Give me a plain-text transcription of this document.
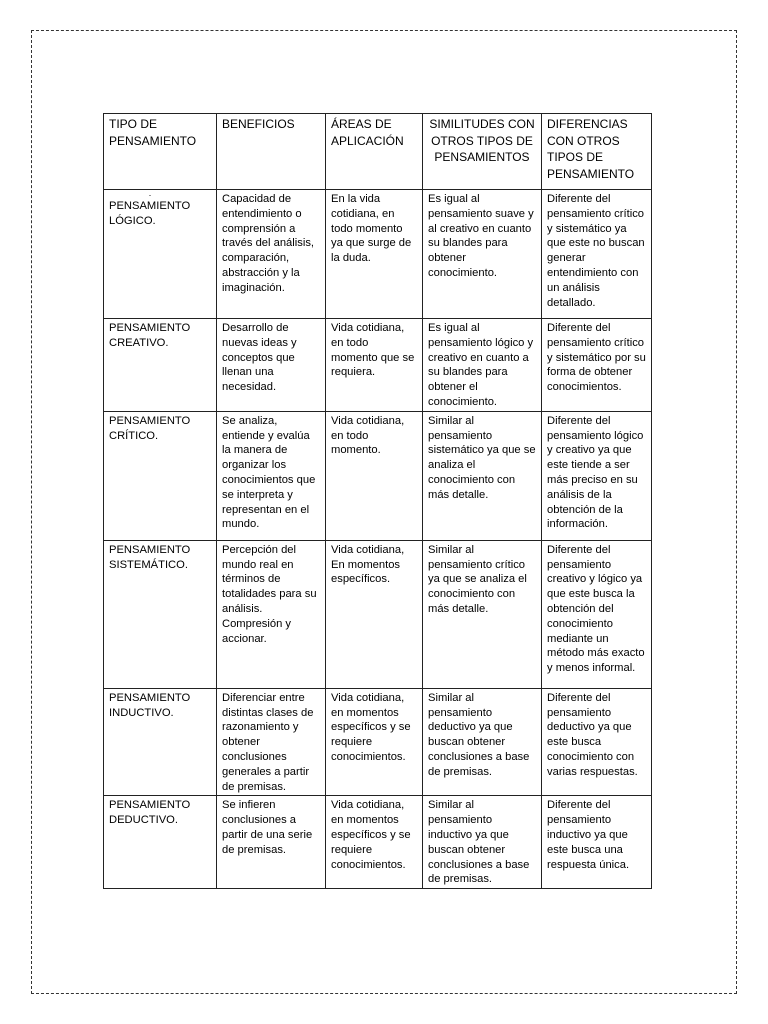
TIPO DE PENSAMIENTO	BENEFICIOS	ÁREAS DE APLICACIÓN	SIMILITUDES CON OTROS TIPOS DE PENSAMIENTOS	DIFERENCIAS CON OTROS TIPOS DE PENSAMIENTO

·
PENSAMIENTO LÓGICO.	Capacidad de entendimiento o comprensión a través del análisis, comparación, abstracción y la imaginación.	En la vida cotidiana, en todo momento ya que surge de la duda.	Es igual al pensamiento suave y al creativo en cuanto su blandes para obtener conocimiento.	Diferente del pensamiento crítico y sistemático ya que este no buscan generar entendimiento con un análisis detallado.
PENSAMIENTO CREATIVO.	Desarrollo de nuevas ideas y conceptos que llenan una necesidad.	Vida cotidiana, en todo momento que se requiera.	Es igual al pensamiento lógico y creativo en cuanto a su blandes para obtener el conocimiento.	Diferente del pensamiento crítico y sistemático por su forma de obtener conocimientos.
PENSAMIENTO CRÍTICO.	Se analiza, entiende y evalúa la manera de organizar los conocimientos que se interpreta y representan en el mundo.	Vida cotidiana, en todo momento.	Similar al pensamiento sistemático ya que se analiza el conocimiento con más detalle.	Diferente del pensamiento lógico y creativo ya que este tiende a ser más preciso en su análisis de la obtención de la información.
PENSAMIENTO SISTEMÁTICO.	Percepción del mundo real en términos de totalidades para su análisis. Compresión y accionar.	Vida cotidiana, En momentos específicos.	Similar al pensamiento crítico ya que se analiza el conocimiento con más detalle.	Diferente del pensamiento creativo y lógico ya que este busca la obtención del conocimiento mediante un método más exacto y menos informal.
PENSAMIENTO INDUCTIVO.	Diferenciar entre distintas clases de razonamiento y obtener conclusiones generales a partir de premisas.	Vida cotidiana, en momentos específicos y se requiere conocimientos.	Similar al pensamiento deductivo ya que buscan obtener conclusiones a base de premisas.	Diferente del pensamiento deductivo ya que este busca conocimiento con varias respuestas.
PENSAMIENTO DEDUCTIVO.	Se infieren conclusiones a partir de una serie de premisas.	Vida cotidiana, en momentos específicos y se requiere conocimientos.	Similar al pensamiento inductivo ya que buscan obtener conclusiones a base de premisas.	Diferente del pensamiento inductivo ya que este busca una respuesta única.
